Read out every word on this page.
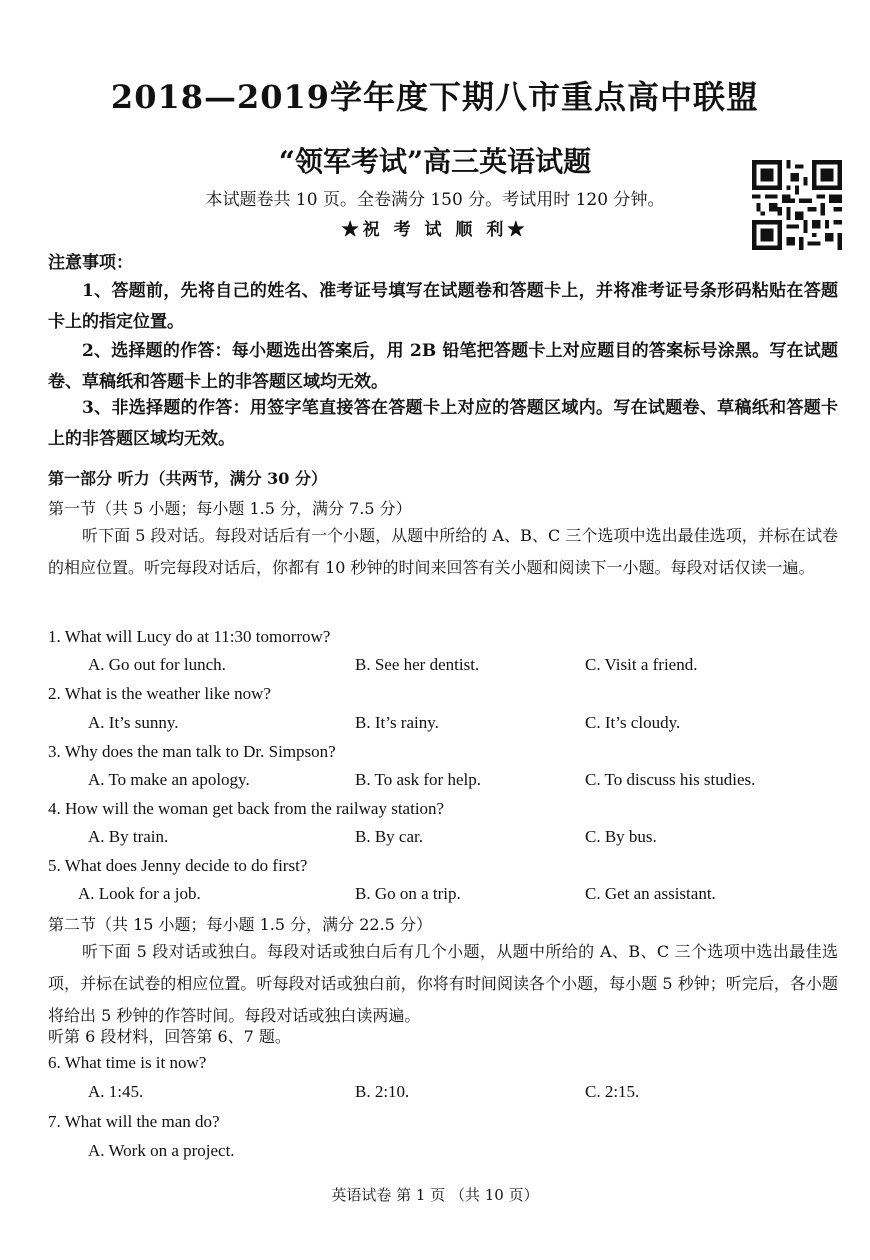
2018—2019学年度下期八市重点高中联盟
“领军考试”高三英语试题
本试题卷共 10 页。全卷满分 150 分。考试用时 120 分钟。
★祝 考 试 顺 利★
注意事项：
1、答题前，先将自己的姓名、准考证号填写在试题卷和答题卡上，并将准考证号条形码粘贴在答题卡上的指定位置。
2、选择题的作答：每小题选出答案后，用 2B 铅笔把答题卡上对应题目的答案标号涂黑。写在试题卷、草稿纸和答题卡上的非答题区域均无效。
3、非选择题的作答：用签字笔直接答在答题卡上对应的答题区域内。写在试题卷、草稿纸和答题卡上的非答题区域均无效。
第一部分 听力（共两节，满分 30 分）
第一节（共 5 小题；每小题 1.5 分，满分 7.5 分）
听下面 5 段对话。每段对话后有一个小题，从题中所给的 A、B、C 三个选项中选出最佳选项，并标在试卷的相应位置。听完每段对话后，你都有 10 秒钟的时间来回答有关小题和阅读下一小题。每段对话仅读一遍。
1. What will Lucy do at 11:30 tomorrow?
A. Go out for lunch.	B. See her dentist.	C. Visit a friend.
2. What is the weather like now?
A. It’s sunny.	B. It’s rainy.	C. It’s cloudy.
3. Why does the man talk to Dr. Simpson?
A. To make an apology.	B. To ask for help.	C. To discuss his studies.
4. How will the woman get back from the railway station?
A. By train.	B. By car.	C. By bus.
5. What does Jenny decide to do first?
A. Look for a job.	B. Go on a trip.	C. Get an assistant.
第二节（共 15 小题；每小题 1.5 分，满分 22.5 分）
听下面 5 段对话或独白。每段对话或独白后有几个小题，从题中所给的 A、B、C 三个选项中选出最佳选项，并标在试卷的相应位置。听每段对话或独白前，你将有时间阅读各个小题，每小题 5 秒钟；听完后，各小题将给出 5 秒钟的作答时间。每段对话或独白读两遍。
听第 6 段材料，回答第 6、7 题。
6. What time is it now?
A. 1:45.	B. 2:10.	C. 2:15.
7. What will the man do?
A. Work on a project.
英语试卷 第 1 页 （共 10 页）
